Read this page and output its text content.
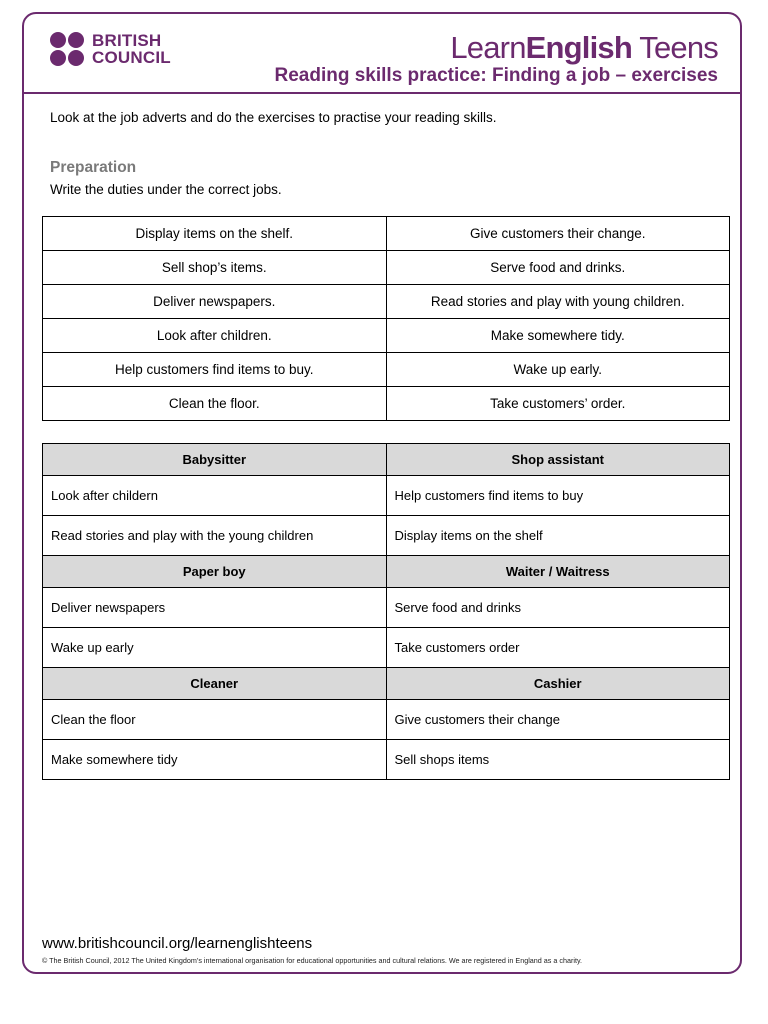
BRITISH
COUNCIL	LearnEnglish Teens
Reading skills practice: Finding a job – exercises
Look at the job adverts and do the exercises to practise your reading skills.
Preparation
Write the duties under the correct jobs.
Display items on the shelf.	Give customers their change.
Sell shop’s items.	Serve food and drinks.
Deliver newspapers.	Read stories and play with young children.
Look after children.	Make somewhere tidy.
Help customers find items to buy.	Wake up early.
Clean the floor.	Take customers’ order.
Babysitter	Shop assistant
Look after childern	Help customers find items to buy
Read stories and play with the young children	Display items on the shelf
Paper boy	Waiter / Waitress
Deliver newspapers	Serve food and drinks
Wake up early	Take customers order
Cleaner	Cashier
Clean the floor	Give customers their change
Make somewhere tidy	Sell shops items
www.britishcouncil.org/learnenglishteens
© The British Council, 2012 The United Kingdom’s international organisation for educational opportunities and cultural relations. We are registered in England as a charity.
